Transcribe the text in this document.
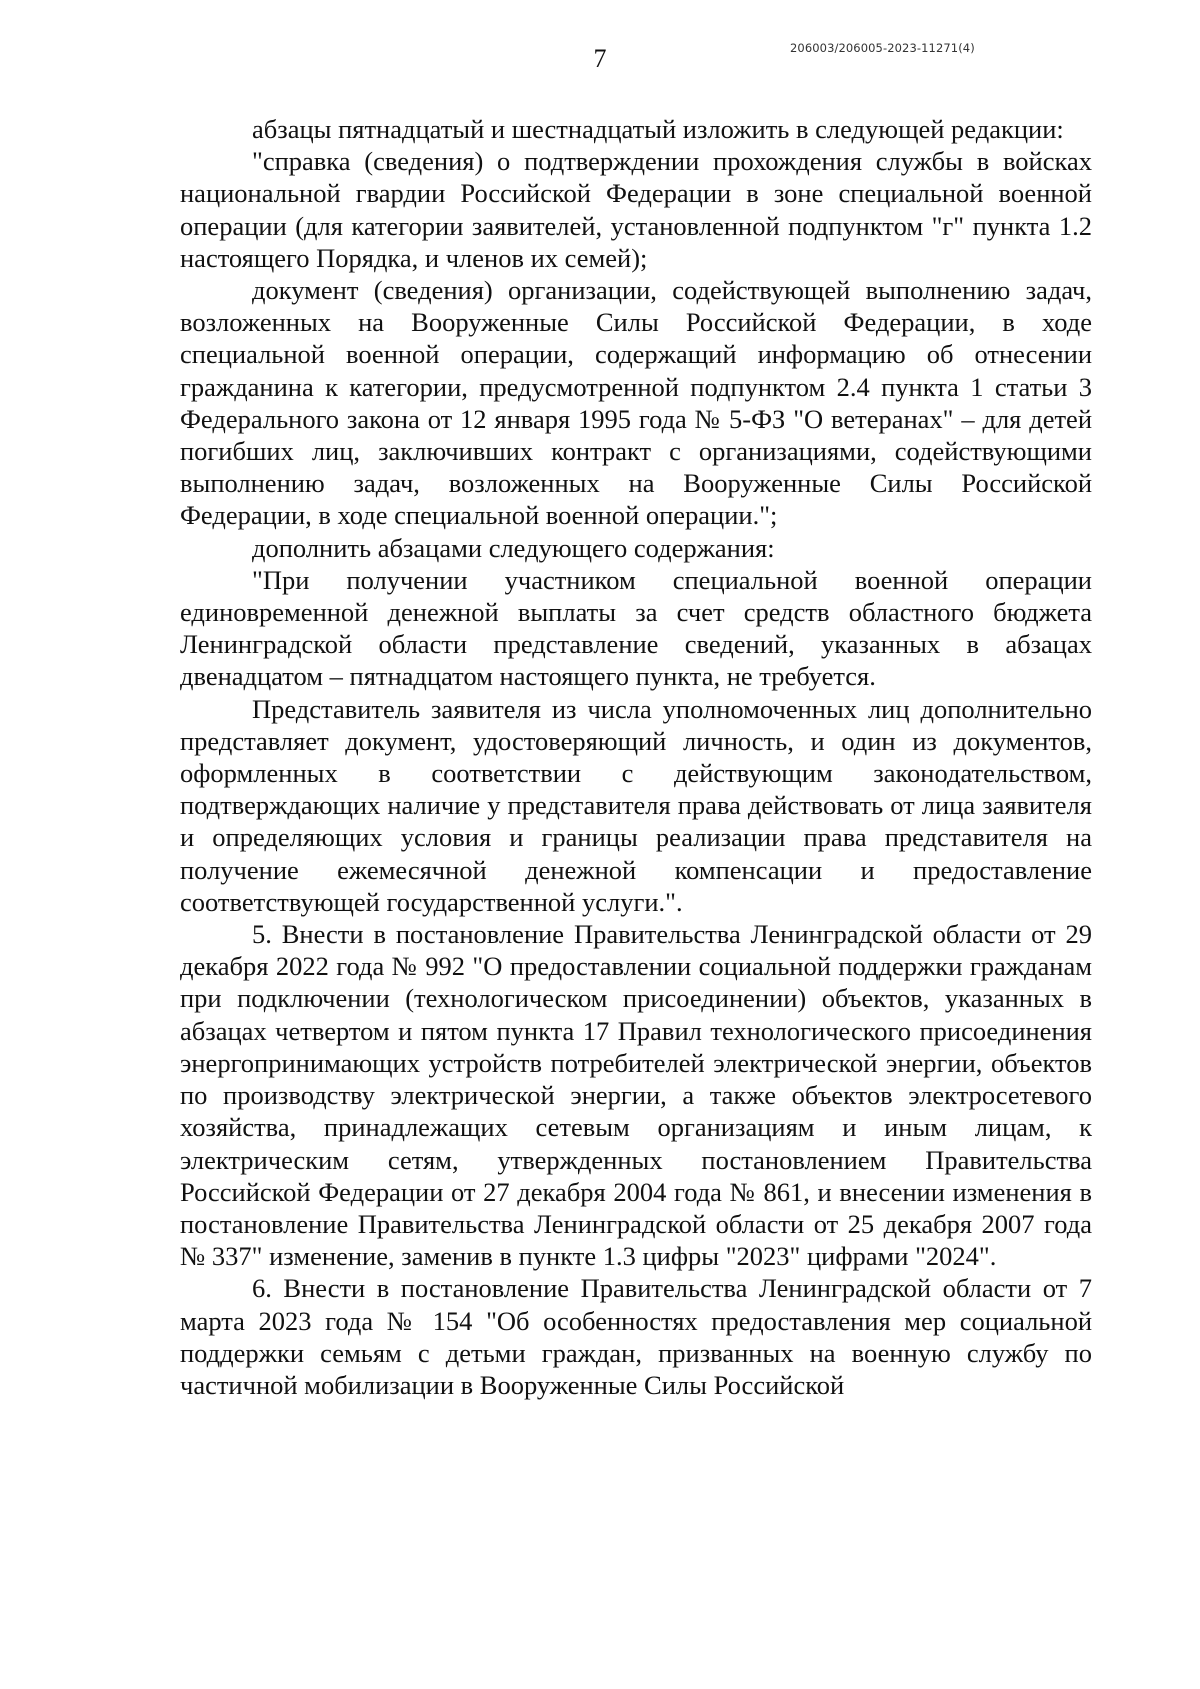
206003/206005-2023-11271(4)
7

абзацы пятнадцатый и шестнадцатый изложить в следующей редакции:

"справка (сведения) о подтверждении прохождения службы в войсках национальной гвардии Российской Федерации в зоне специальной военной операции (для категории заявителей, установленной подпунктом "г" пункта 1.2 настоящего Порядка, и членов их семей);

документ (сведения) организации, содействующей выполнению задач, возложенных на Вооруженные Силы Российской Федерации, в ходе специальной военной операции, содержащий информацию об отнесении гражданина к категории, предусмотренной подпунктом 2.4 пункта 1 статьи 3 Федерального закона от 12 января 1995 года № 5-ФЗ "О ветеранах" – для детей погибших лиц, заключивших контракт с организациями, содействующими выполнению задач, возложенных на Вооруженные Силы Российской Федерации, в ходе специальной военной операции.";

дополнить абзацами следующего содержания:

"При получении участником специальной военной операции единовременной денежной выплаты за счет средств областного бюджета Ленинградской области представление сведений, указанных в абзацах двенадцатом – пятнадцатом настоящего пункта, не требуется.

Представитель заявителя из числа уполномоченных лиц дополнительно представляет документ, удостоверяющий личность, и один из документов, оформленных в соответствии с действующим законодательством, подтверждающих наличие у представителя права действовать от лица заявителя и определяющих условия и границы реализации права представителя на получение ежемесячной денежной компенсации и предоставление соответствующей государственной услуги.".

5. Внести в постановление Правительства Ленинградской области от 29 декабря 2022 года № 992 "О предоставлении социальной поддержки гражданам при подключении (технологическом присоединении) объектов, указанных в абзацах четвертом и пятом пункта 17 Правил технологического присоединения энергопринимающих устройств потребителей электрической энергии, объектов по производству электрической энергии, а также объектов электросетевого хозяйства, принадлежащих сетевым организациям и иным лицам, к электрическим сетям, утвержденных постановлением Правительства Российской Федерации от 27 декабря 2004 года № 861, и внесении изменения в постановление Правительства Ленинградской области от 25 декабря 2007 года № 337" изменение, заменив в пункте 1.3 цифры "2023" цифрами "2024".

6. Внести в постановление Правительства Ленинградской области от 7 марта 2023 года № 154 "Об особенностях предоставления мер социальной поддержки семьям с детьми граждан, призванных на военную службу по частичной мобилизации в Вооруженные Силы Российской
